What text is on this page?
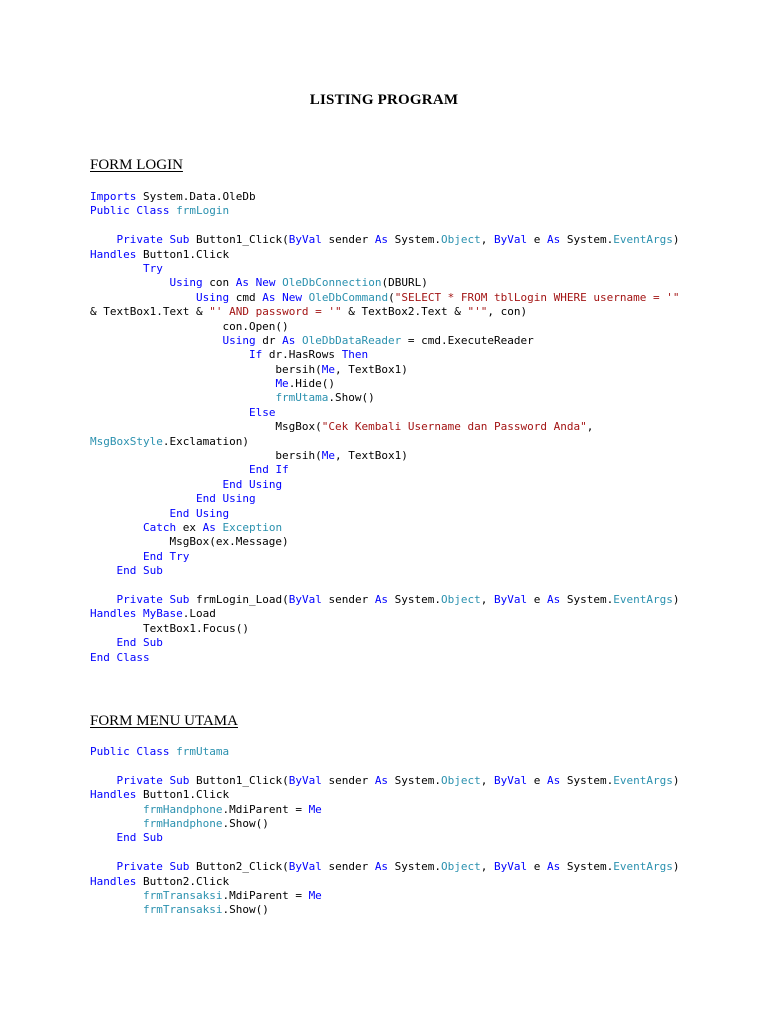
LISTING PROGRAM
FORM LOGIN
Imports System.Data.OleDb
Public Class frmLogin
Private Sub Button1_Click(ByVal sender As System.Object, ByVal e As System.EventArgs)
Handles Button1.Click
Try
Using con As New OleDbConnection(DBURL)
Using cmd As New OleDbCommand("SELECT * FROM tblLogin WHERE username = '"
& TextBox1.Text & "' AND password = '" & TextBox2.Text & "'", con)
con.Open()
Using dr As OleDbDataReader = cmd.ExecuteReader
If dr.HasRows Then
bersih(Me, TextBox1)
Me.Hide()
frmUtama.Show()
Else
MsgBox("Cek Kembali Username dan Password Anda",
MsgBoxStyle.Exclamation)
bersih(Me, TextBox1)
End If
End Using
End Using
End Using
Catch ex As Exception
MsgBox(ex.Message)
End Try
End Sub
Private Sub frmLogin_Load(ByVal sender As System.Object, ByVal e As System.EventArgs)
Handles MyBase.Load
TextBox1.Focus()
End Sub
End Class
FORM MENU UTAMA
Public Class frmUtama
Private Sub Button1_Click(ByVal sender As System.Object, ByVal e As System.EventArgs)
Handles Button1.Click
frmHandphone.MdiParent = Me
frmHandphone.Show()
End Sub
Private Sub Button2_Click(ByVal sender As System.Object, ByVal e As System.EventArgs)
Handles Button2.Click
frmTransaksi.MdiParent = Me
frmTransaksi.Show()
